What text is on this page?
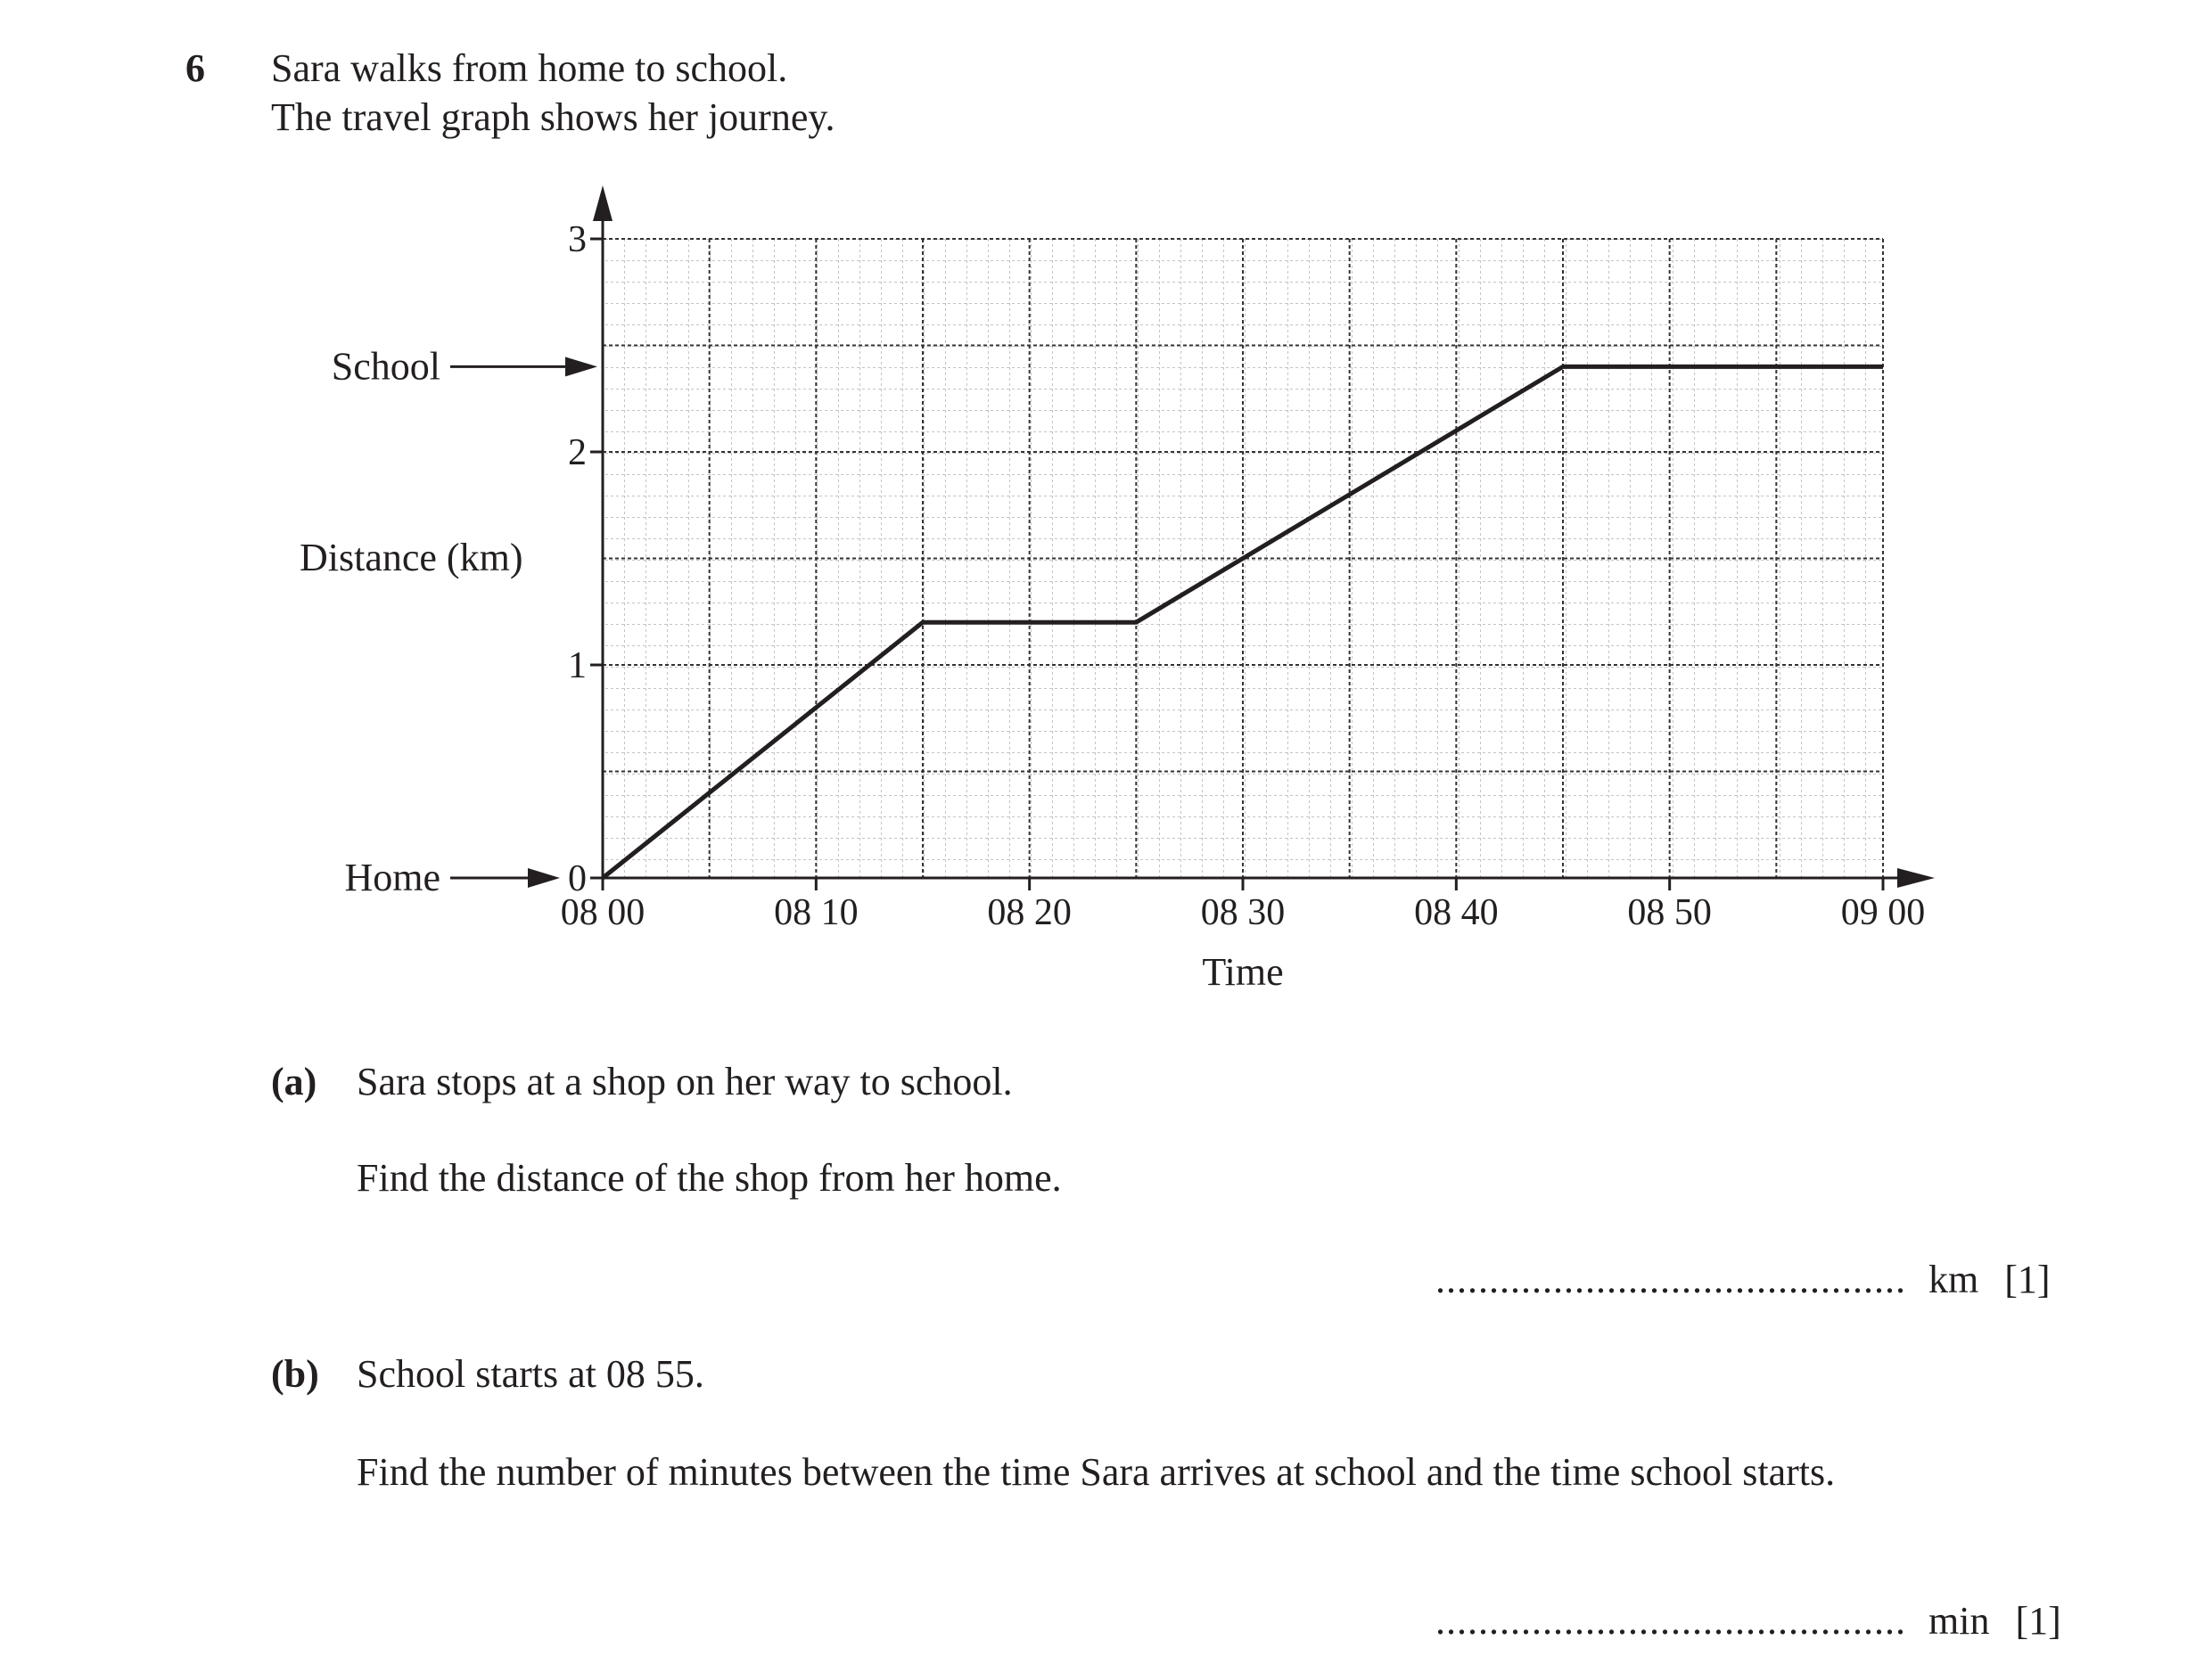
6 Sara walks from home to school.
The travel graph shows her journey.
0
1
2
3
08 00	08 10	08 20	08 30	08 40	08 50	09 00
Time
Distance (km)
Home
School
(a) Sara stops at a shop on her way to school.
Find the distance of the shop from her home.
............................................ km [1]
(b) School starts at 08 55.
Find the number of minutes between the time Sara arrives at school and the time school starts.
............................................ min [1]
